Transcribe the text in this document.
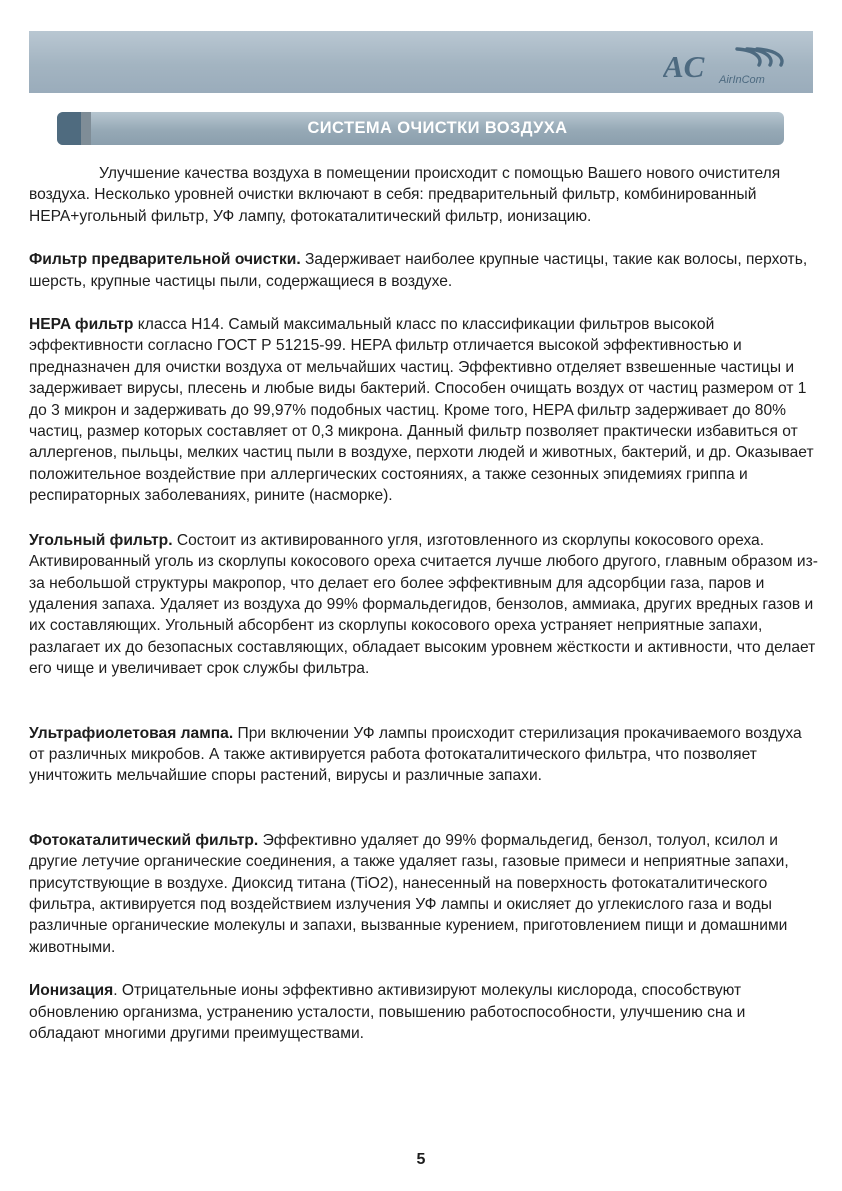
AC AirInCom
СИСТЕМА ОЧИСТКИ ВОЗДУХА

Улучшение качества воздуха в помещении происходит с помощью Вашего нового очистителя воздуха. Несколько уровней очистки включают в себя: предварительный фильтр, комбинированный HEPA+угольный фильтр, УФ лампу, фотокаталитический фильтр, ионизацию.

Фильтр предварительной очистки. Задерживает наиболее крупные частицы, такие как волосы, перхоть, шерсть, крупные частицы пыли, содержащиеся в воздухе.

HEPA фильтр класса H14. Самый максимальный класс по классификации фильтров высокой эффективности согласно ГОСТ Р 51215-99. HEPA фильтр отличается высокой эффективностью и предназначен для очистки воздуха от мельчайших частиц. Эффективно отделяет взвешенные частицы и задерживает вирусы, плесень и любые виды бактерий. Способен очищать воздух от частиц размером от 1 до 3 микрон и задерживать до 99,97% подобных частиц. Кроме того, HEPA фильтр задерживает до 80% частиц, размер которых составляет от 0,3 микрона. Данный фильтр позволяет практически избавиться от аллергенов, пыльцы, мелких частиц пыли в воздухе, перхоти людей и животных, бактерий, и др. Оказывает положительное воздействие при аллергических состояниях, а также сезонных эпидемиях гриппа и респираторных заболеваниях, рините (насморке).

Угольный фильтр. Состоит из активированного угля, изготовленного из скорлупы кокосового ореха. Активированный уголь из скорлупы кокосового ореха считается лучше любого другого, главным образом из-за небольшой структуры макропор, что делает его более эффективным для адсорбции газа, паров и удаления запаха. Удаляет из воздуха до 99% формальдегидов, бензолов, аммиака, других вредных газов и их составляющих. Угольный абсорбент из скорлупы кокосового ореха устраняет неприятные запахи, разлагает их до безопасных составляющих, обладает высоким уровнем жёсткости и активности, что делает его чище и увеличивает срок службы фильтра.

Ультрафиолетовая лампа. При включении УФ лампы происходит стерилизация прокачиваемого воздуха от различных микробов. А также активируется работа фотокаталитического фильтра, что позволяет уничтожить мельчайшие споры растений, вирусы и различные запахи.

Фотокаталитический фильтр. Эффективно удаляет до 99% формальдегид, бензол, толуол, ксилол и другие летучие органические соединения, а также удаляет газы, газовые примеси и неприятные запахи, присутствующие в воздухе. Диоксид титана (TiO2), нанесенный на поверхность фотокаталитического фильтра, активируется под воздействием излучения УФ лампы и окисляет до углекислого газа и воды различные органические молекулы и запахи, вызванные курением, приготовлением пищи и домашними животными.

Ионизация. Отрицательные ионы эффективно активизируют молекулы кислорода, способствуют обновлению организма, устранению усталости, повышению работоспособности, улучшению сна и обладают многими другими преимуществами.

5
